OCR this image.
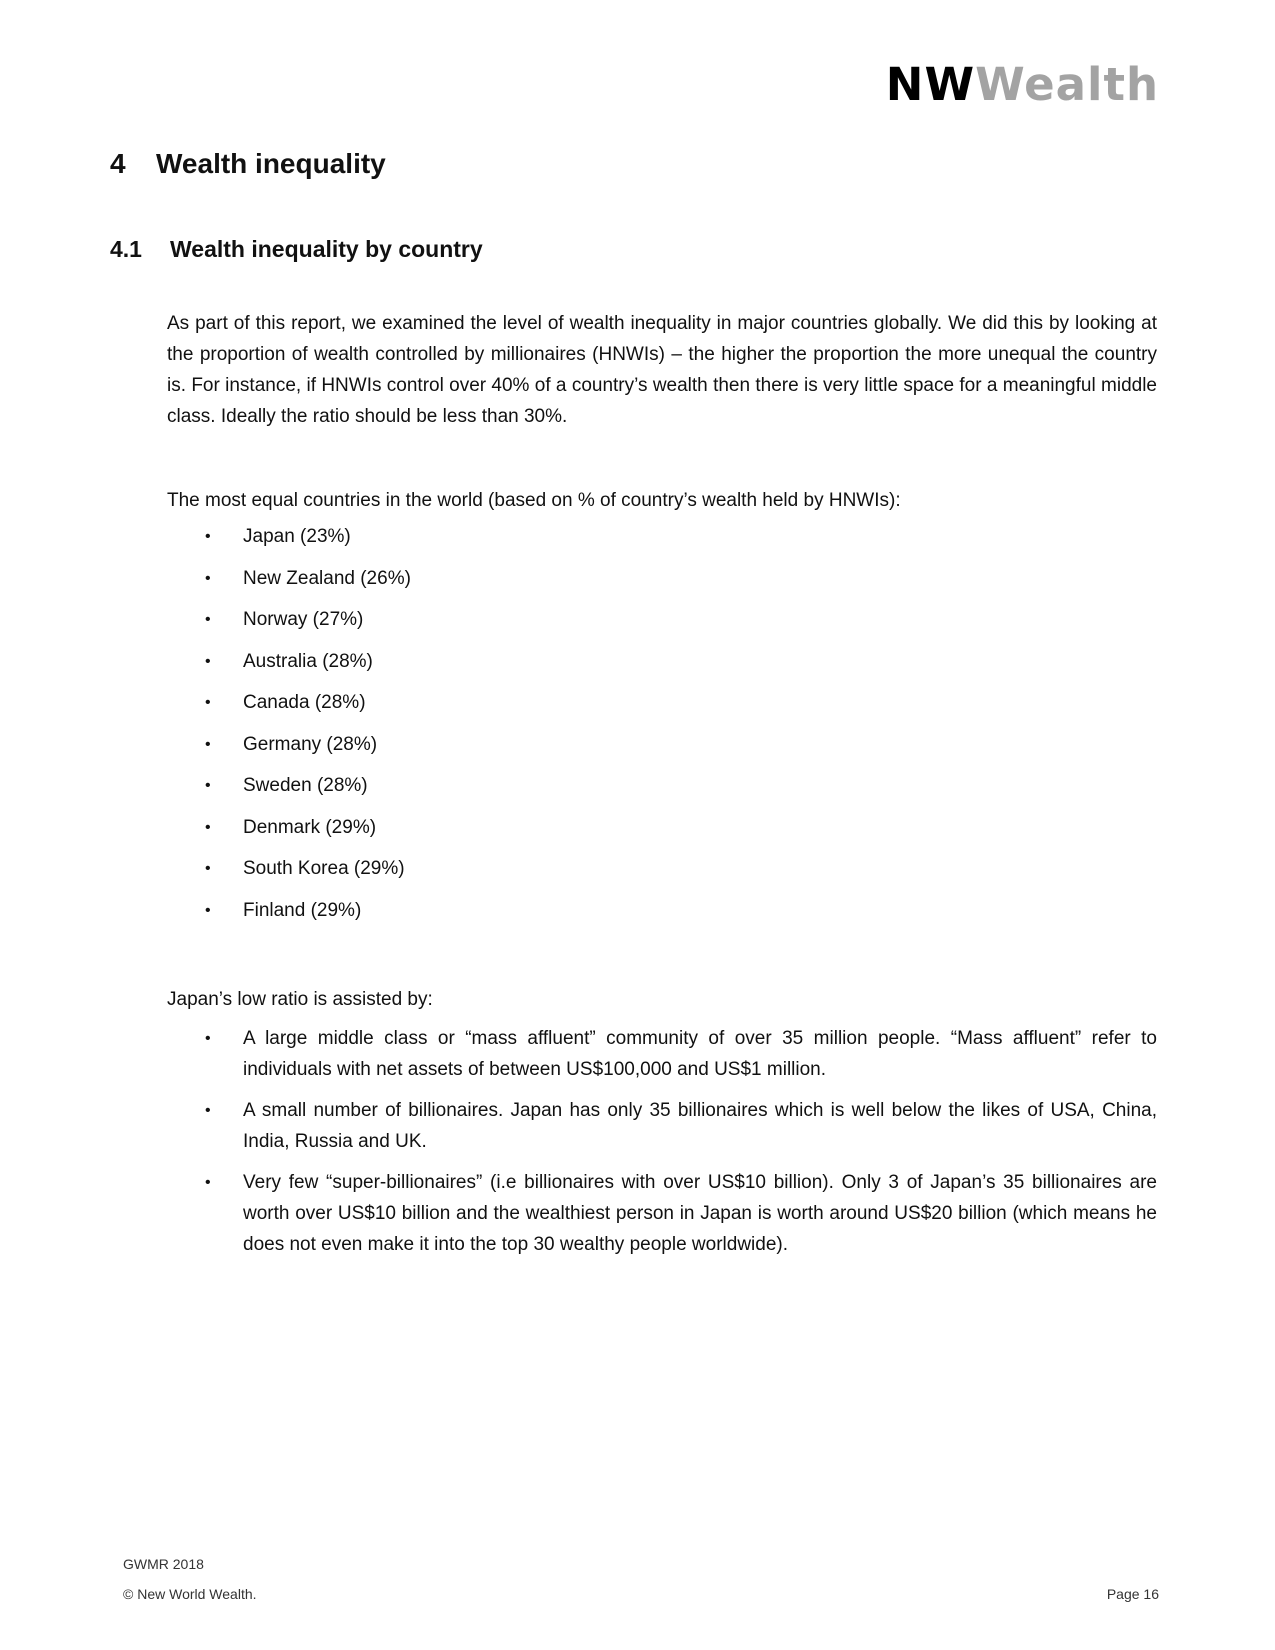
NWWealth
4 Wealth inequality
4.1 Wealth inequality by country

As part of this report, we examined the level of wealth inequality in major countries globally. We did this by looking at the proportion of wealth controlled by millionaires (HNWIs) – the higher the proportion the more unequal the country is. For instance, if HNWIs control over 40% of a country’s wealth then there is very little space for a meaningful middle class. Ideally the ratio should be less than 30%.

The most equal countries in the world (based on % of country’s wealth held by HNWIs):

•	Japan (23%)
•	New Zealand (26%)
•	Norway (27%)
•	Australia (28%)
•	Canada (28%)
•	Germany (28%)
•	Sweden (28%)
•	Denmark (29%)
•	South Korea (29%)
•	Finland (29%)

Japan’s low ratio is assisted by:

•	A large middle class or “mass affluent” community of over 35 million people. “Mass affluent” refer to individuals with net assets of between US$100,000 and US$1 million.
•	A small number of billionaires. Japan has only 35 billionaires which is well below the likes of USA, China, India, Russia and UK.
•	Very few “super-billionaires” (i.e billionaires with over US$10 billion). Only 3 of Japan’s 35 billionaires are worth over US$10 billion and the wealthiest person in Japan is worth around US$20 billion (which means he does not even make it into the top 30 wealthy people worldwide).
GWMR 2018
© New World Wealth.	Page 16
